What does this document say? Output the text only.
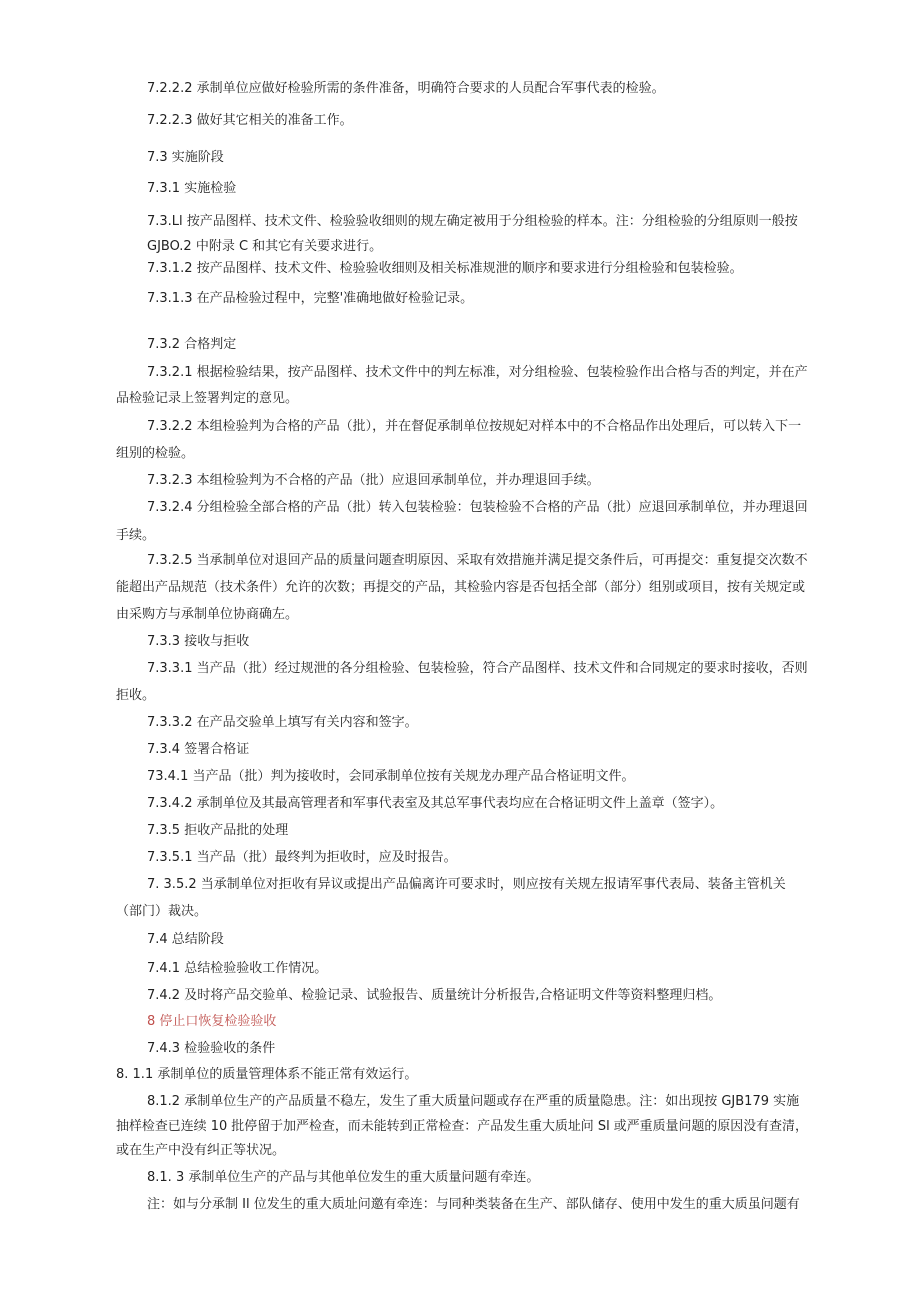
7.2.2.2 承制单位应做好检验所需的条件准备，明确符合要求的人员配合军事代表的检验。

7.2.2.3 做好其它相关的准备工作。

7.3 实施阶段

7.3.1 实施检验

7.3.Ll 按产品图样、技术文件、检验验收细则的规左确定被用于分组检验的样本。注：分组检验的分组原则一般按

GJBO.2 中附录 C 和其它有关要求进行。

7.3.1.2 按产品图样、技术文件、检验验收细则及相关标准规泄的顺序和要求进行分组检验和包装检验。

7.3.1.3 在产品检验过程中，完整'准确地做好检验记录。

7.3.2 合格判定

7.3.2.1 根据检验结果，按产品图样、技术文件中的判左标准，对分组检验、包装检验作出合格与否的判定，并在产

品检验记录上签署判定的意见。

7.3.2.2 本组检验判为合格的产品（批），并在督促承制单位按规妃对样本中的不合格品作出处理后，可以转入下一

组别的检验。

7.3.2.3 本组检验判为不合格的产品（批）应退回承制单位，并办理退回手续。

7.3.2.4 分组检验全部合格的产品（批）转入包装检验：包装检验不合格的产品（批）应退回承制单位，并办理退回

手续。

7.3.2.5 当承制单位对退回产品的质量问题查明原因、采取有效措施并满足提交条件后，可再提交：重复提交次数不

能超出产品规范（技术条件）允许的次数；再提交的产品，其检验内容是否包括全部（部分）组别或项目，按有关规定或

由采购方与承制单位协商确左。

7.3.3 接收与拒收

7.3.3.1 当产品（批）经过规泄的各分组检验、包装检验，符合产品图样、技术文件和合同规定的要求时接收，否则

拒收。

7.3.3.2 在产品交验单上填写有关内容和签字。

7.3.4 签署合格证

73.4.1 当产品（批）判为接收时，会同承制单位按有关规龙办理产品合格证明文件。

7.3.4.2 承制单位及其最高管理者和军事代表室及其总军事代表均应在合格证明文件上盖章（签字）。

7.3.5 拒收产品批的处理

7.3.5.1 当产品（批）最终判为拒收时，应及时报告。

7. 3.5.2 当承制单位对拒收有异议或提出产品偏离许可要求时，则应按有关规左报请军事代表局、装备主管机关

（部门）裁决。

7.4 总结阶段

7.4.1 总结检验验收工作情况。

7.4.2 及时将产品交验单、检验记录、试验报告、质量统计分析报告,合格证明文件等资料整理归档。

8 停止口恢复检验验收

7.4.3 检验验收的条件

8. 1.1 承制单位的质量管理体系不能正常有效运行。

8.1.2 承制单位生产的产品质量不稳左，发生了重大质量问题或存在严重的质量隐患。注：如出现按 GJB179 实施

抽样检查已连续 10 批停留于加严检查，而未能转到正常检查：产品发生重大质址问 Sl 或严重质量问题的原因没有查清，

或在生产中没有纠正等状况。

8.1. 3 承制单位生产的产品与其他单位发生的重大质量问题有牵连。

注：如与分承制 Il 位发生的重大质址问邀有牵连：与同种类装备在生产、部队储存、使用中发生的重大质虽问题有
